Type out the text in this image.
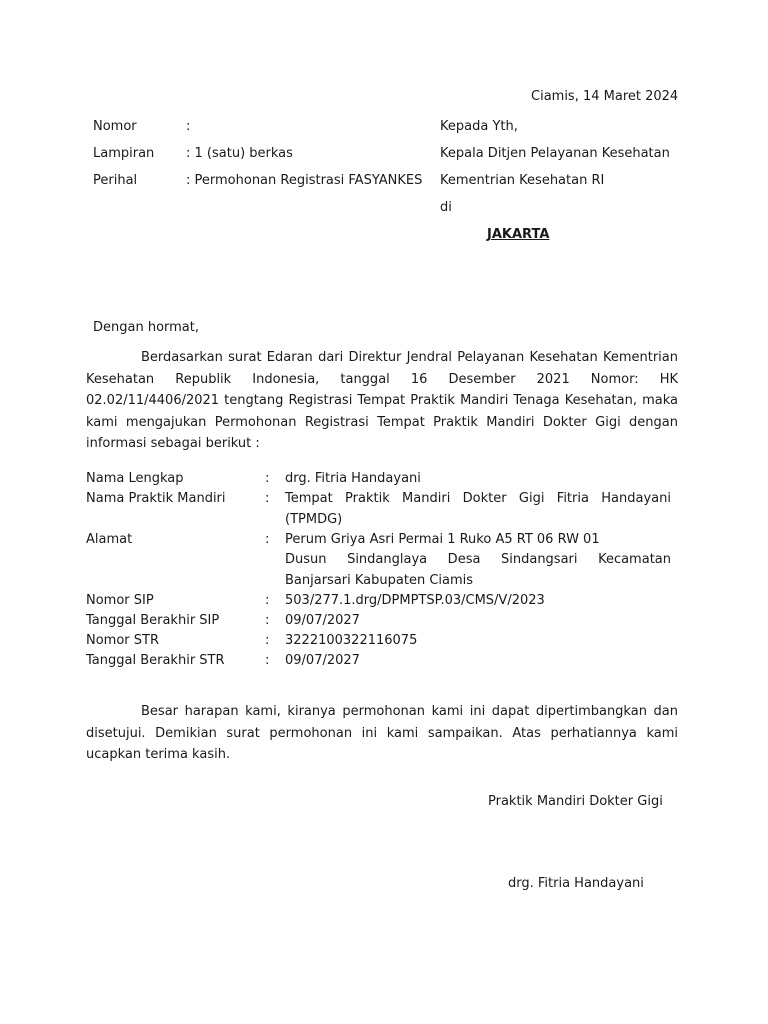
Ciamis, 14 Maret 2024
Nomor	:
Lampiran : 1 (satu) berkas
Perihal	: Permohonan Registrasi FASYANKES
Kepada Yth,
Kepala Ditjen Pelayanan Kesehatan
Kementrian Kesehatan RI
di
JAKARTA
Dengan hormat,
Berdasarkan surat Edaran dari Direktur Jendral Pelayanan Kesehatan Kementrian Kesehatan Republik Indonesia, tanggal 16 Desember 2021 Nomor: HK 02.02/11/4406/2021 tengtang Registrasi Tempat Praktik Mandiri Tenaga Kesehatan, maka kami mengajukan Permohonan Registrasi Tempat Praktik Mandiri Dokter Gigi dengan informasi sebagai berikut :
Nama Lengkap	: drg. Fitria Handayani
Nama Praktik Mandiri	: Tempat Praktik Mandiri Dokter Gigi Fitria Handayani (TPMDG)
Alamat	: Perum Griya Asri Permai 1 Ruko A5 RT 06 RW 01
Dusun Sindanglaya Desa Sindangsari Kecamatan Banjarsari Kabupaten Ciamis
Nomor SIP	: 503/277.1.drg/DPMPTSP.03/CMS/V/2023
Tanggal Berakhir SIP	: 09/07/2027
Nomor STR	: 3222100322116075
Tanggal Berakhir STR	: 09/07/2027
Besar harapan kami, kiranya permohonan kami ini dapat dipertimbangkan dan disetujui. Demikian surat permohonan ini kami sampaikan. Atas perhatiannya kami ucapkan terima kasih.
Praktik Mandiri Dokter Gigi
drg. Fitria Handayani
